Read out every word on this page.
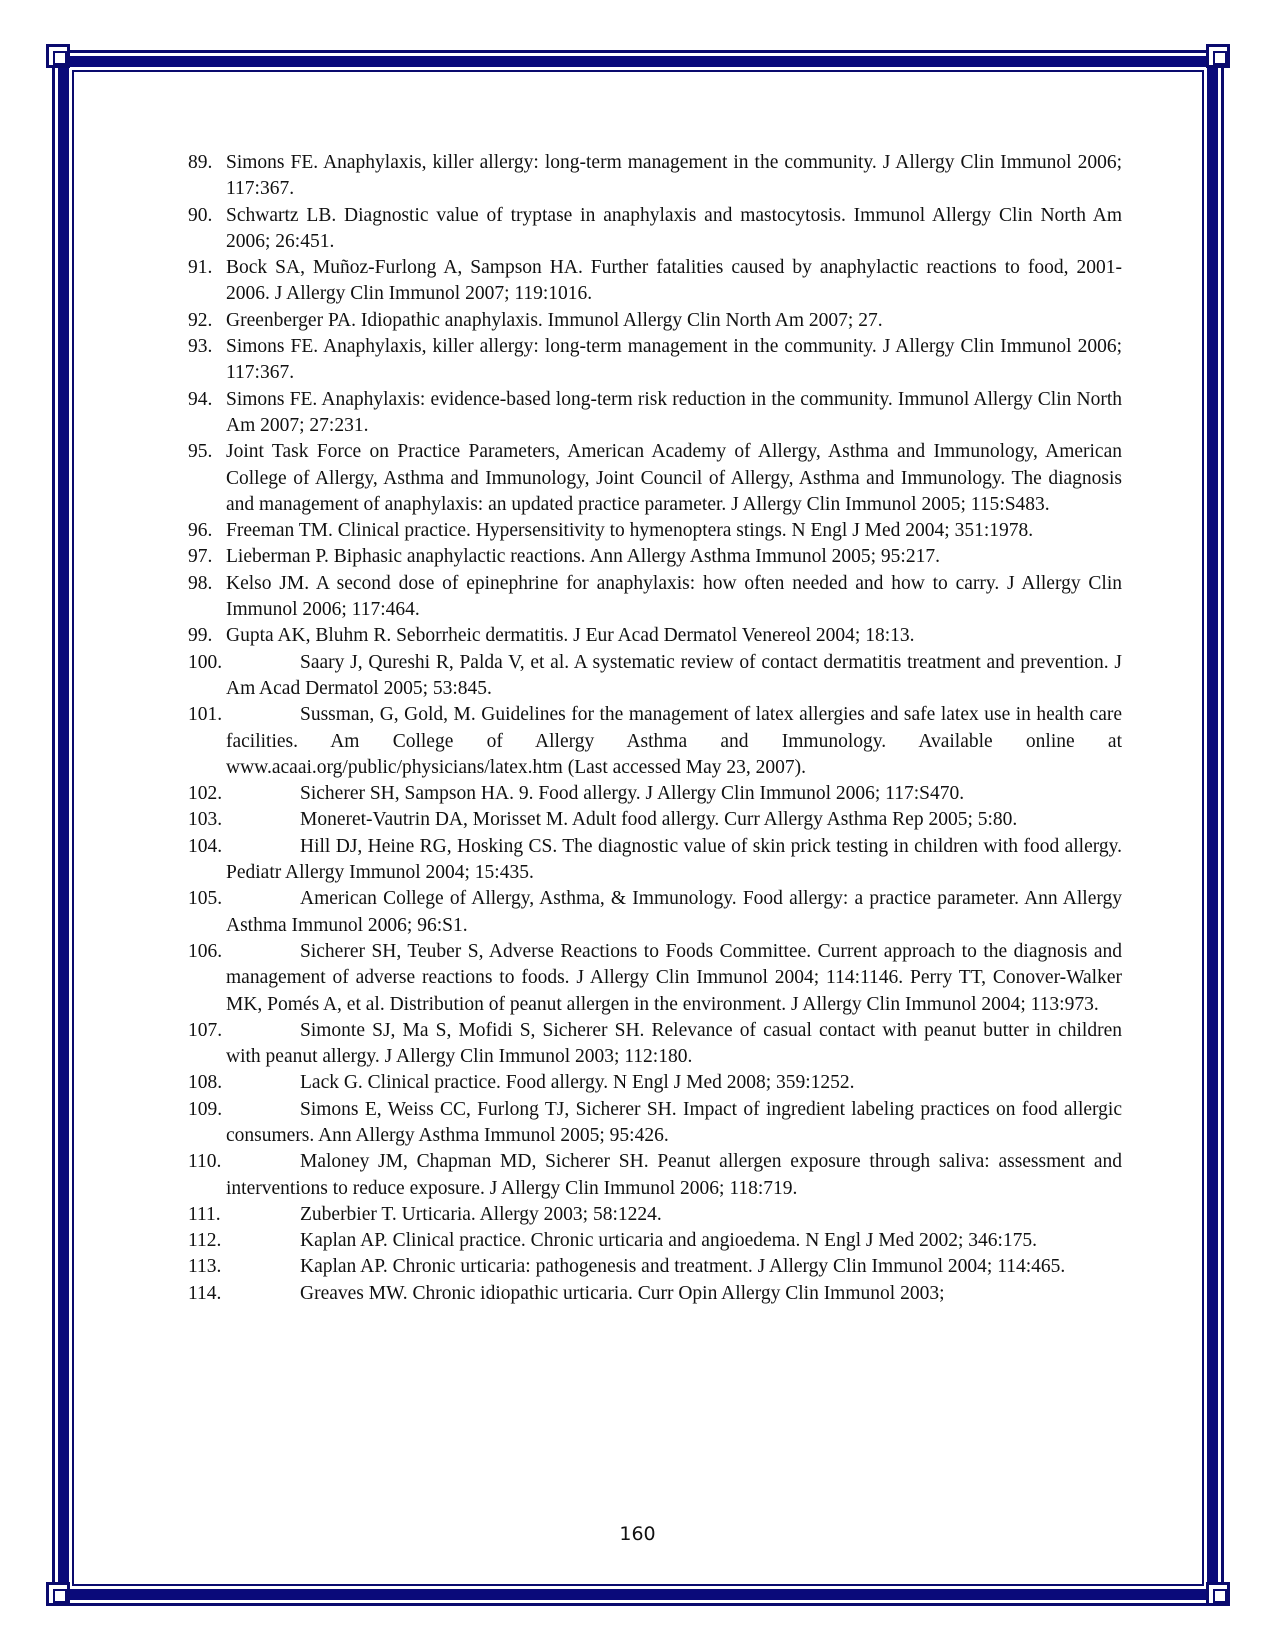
89. Simons FE. Anaphylaxis, killer allergy: long-term management in the community. J Allergy Clin Immunol 2006; 117:367.
90. Schwartz LB. Diagnostic value of tryptase in anaphylaxis and mastocytosis. Immunol Allergy Clin North Am 2006; 26:451.
91. Bock SA, Muñoz-Furlong A, Sampson HA. Further fatalities caused by anaphylactic reactions to food, 2001-2006. J Allergy Clin Immunol 2007; 119:1016.
92. Greenberger PA. Idiopathic anaphylaxis. Immunol Allergy Clin North Am 2007; 27.
93. Simons FE. Anaphylaxis, killer allergy: long-term management in the community. J Allergy Clin Immunol 2006; 117:367.
94. Simons FE. Anaphylaxis: evidence-based long-term risk reduction in the community. Immunol Allergy Clin North Am 2007; 27:231.
95. Joint Task Force on Practice Parameters, American Academy of Allergy, Asthma and Immunology, American College of Allergy, Asthma and Immunology, Joint Council of Allergy, Asthma and Immunology. The diagnosis and management of anaphylaxis: an updated practice parameter. J Allergy Clin Immunol 2005; 115:S483.
96. Freeman TM. Clinical practice. Hypersensitivity to hymenoptera stings. N Engl J Med 2004; 351:1978.
97. Lieberman P. Biphasic anaphylactic reactions. Ann Allergy Asthma Immunol 2005; 95:217.
98. Kelso JM. A second dose of epinephrine for anaphylaxis: how often needed and how to carry. J Allergy Clin Immunol 2006; 117:464.
99. Gupta AK, Bluhm R. Seborrheic dermatitis. J Eur Acad Dermatol Venereol 2004; 18:13.
100.	Saary J, Qureshi R, Palda V, et al. A systematic review of contact dermatitis treatment and prevention. J Am Acad Dermatol 2005; 53:845.
101.	Sussman, G, Gold, M. Guidelines for the management of latex allergies and safe latex use in health care facilities. Am College of Allergy Asthma and Immunology. Available online at www.acaai.org/public/physicians/latex.htm (Last accessed May 23, 2007).
102.	Sicherer SH, Sampson HA. 9. Food allergy. J Allergy Clin Immunol 2006; 117:S470.
103.	Moneret-Vautrin DA, Morisset M. Adult food allergy. Curr Allergy Asthma Rep 2005; 5:80.
104.	Hill DJ, Heine RG, Hosking CS. The diagnostic value of skin prick testing in children with food allergy. Pediatr Allergy Immunol 2004; 15:435.
105.	American College of Allergy, Asthma, & Immunology. Food allergy: a practice parameter. Ann Allergy Asthma Immunol 2006; 96:S1.
106.	Sicherer SH, Teuber S, Adverse Reactions to Foods Committee. Current approach to the diagnosis and management of adverse reactions to foods. J Allergy Clin Immunol 2004; 114:1146. Perry TT, Conover-Walker MK, Pomés A, et al. Distribution of peanut allergen in the environment. J Allergy Clin Immunol 2004; 113:973.
107.	Simonte SJ, Ma S, Mofidi S, Sicherer SH. Relevance of casual contact with peanut butter in children with peanut allergy. J Allergy Clin Immunol 2003; 112:180.
108.	Lack G. Clinical practice. Food allergy. N Engl J Med 2008; 359:1252.
109.	Simons E, Weiss CC, Furlong TJ, Sicherer SH. Impact of ingredient labeling practices on food allergic consumers. Ann Allergy Asthma Immunol 2005; 95:426.
110.	Maloney JM, Chapman MD, Sicherer SH. Peanut allergen exposure through saliva: assessment and interventions to reduce exposure. J Allergy Clin Immunol 2006; 118:719.
111.	Zuberbier T. Urticaria. Allergy 2003; 58:1224.
112.	Kaplan AP. Clinical practice. Chronic urticaria and angioedema. N Engl J Med 2002; 346:175.
113.	Kaplan AP. Chronic urticaria: pathogenesis and treatment. J Allergy Clin Immunol 2004; 114:465.
114.	Greaves MW. Chronic idiopathic urticaria. Curr Opin Allergy Clin Immunol 2003;
160
